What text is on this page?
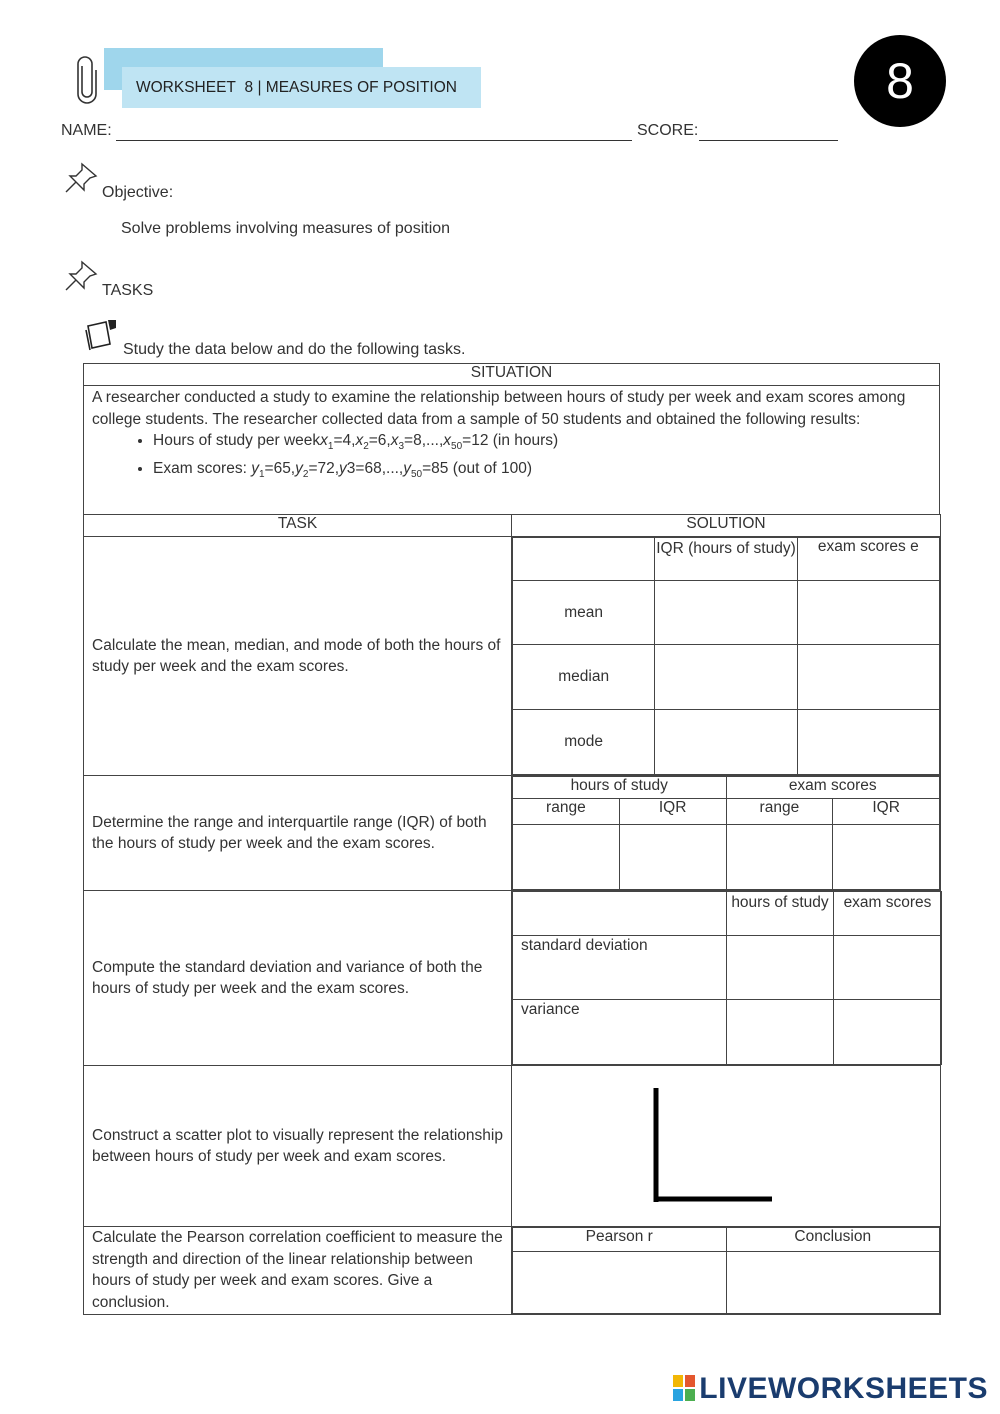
WORKSHEET 8 | MEASURES OF POSITION	8
NAME:	SCORE:
Objective:
Solve problems involving measures of position
TASKS
Study the data below and do the following tasks.
SITUATION

A researcher conducted a study to examine the relationship between hours of study per week and exam scores among college students. The researcher collected data from a sample of 50 students and obtained the following results:
• Hours of study per $weekx_1=4,x_2=6,x_3=8,...,x_{50}=12$ (in hours)
• Exam scores: $y_1=65,y_2=72,y3=68,...,y_{50}=85$ (out of 100)
TASK	SOLUTION
Calculate the mean, median, and mode of both the hours of study per week and the exam scores.	
	IQR (hours of study)	exam scores e
mean		
median		
mode		

Determine the range and interquartile range (IQR) of both the hours of study per week and the exam scores.	
hours of study	exam scores
range	IQR	range	IQR

Compute the standard deviation and variance of both the hours of study per week and the exam scores.	
	hours of study	exam scores
standard deviation		
variance		

Construct a scatter plot to visually represent the relationship between hours of study per week and exam scores.	

Calculate the Pearson correlation coefficient to measure the strength and direction of the linear relationship between hours of study per week and exam scores. Give a conclusion.	
Pearson r	Conclusion

LIVEWORKSHEETS
